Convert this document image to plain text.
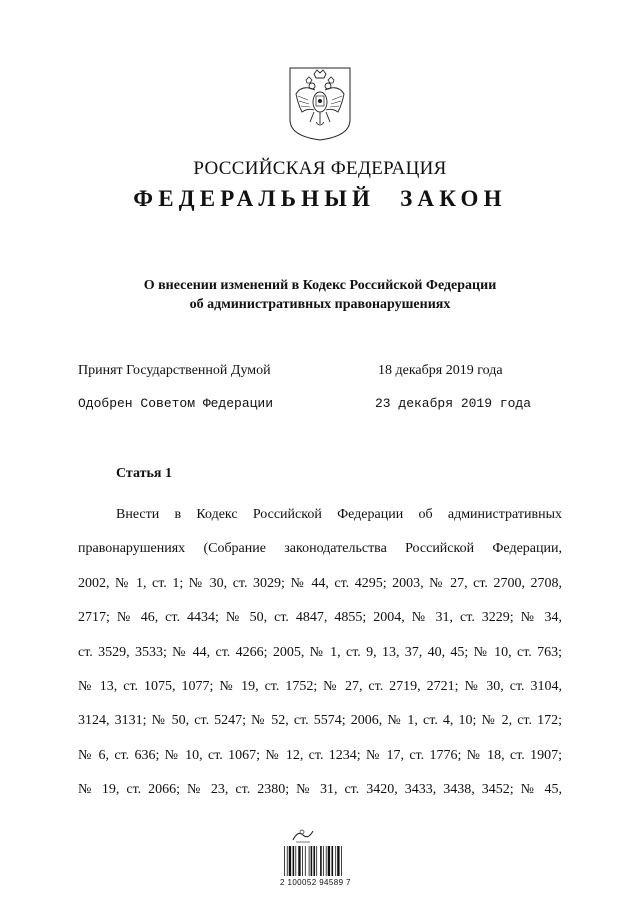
РОССИЙСКАЯ ФЕДЕРАЦИЯ
ФЕДЕРАЛЬНЫЙ ЗАКОН
О внесении изменений в Кодекс Российской Федерации
об административных правонарушениях
Принят Государственной Думой	18 декабря 2019 года
Одобрен Советом Федерации	23 декабря 2019 года
Статья 1
Внести в Кодекс Российской Федерации об административных
правонарушениях (Собрание законодательства Российской Федерации,
2002, № 1, ст. 1; № 30, ст. 3029; № 44, ст. 4295; 2003, № 27, ст. 2700, 2708,
2717; № 46, ст. 4434; № 50, ст. 4847, 4855; 2004, № 31, ст. 3229; № 34,
ст. 3529, 3533; № 44, ст. 4266; 2005, № 1, ст. 9, 13, 37, 40, 45; № 10, ст. 763;
№ 13, ст. 1075, 1077; № 19, ст. 1752; № 27, ст. 2719, 2721; № 30, ст. 3104,
3124, 3131; № 50, ст. 5247; № 52, ст. 5574; 2006, № 1, ст. 4, 10; № 2, ст. 172;
№ 6, ст. 636; № 10, ст. 1067; № 12, ст. 1234; № 17, ст. 1776; № 18, ст. 1907;
№ 19, ст. 2066; № 23, ст. 2380; № 31, ст. 3420, 3433, 3438, 3452; № 45,
2 100052 94589 7
